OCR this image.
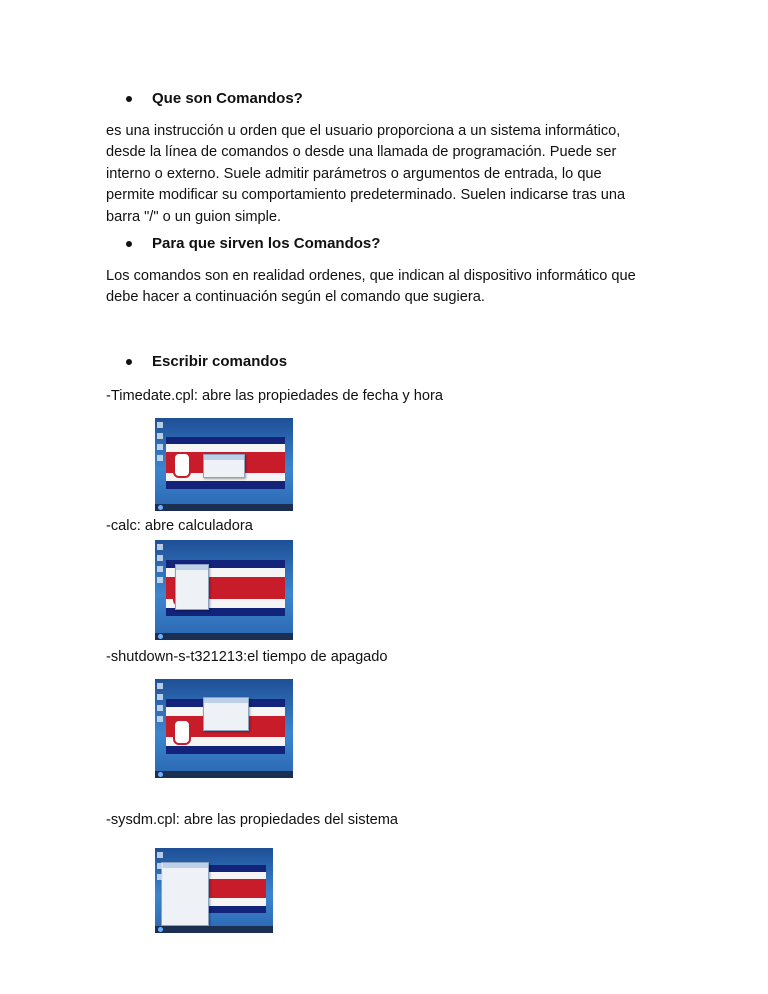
Que son Comandos?

es una instrucción u orden que el usuario proporciona a un sistema informático,

desde la línea de comandos o desde una llamada de programación. Puede ser

interno o externo. Suele admitir parámetros o argumentos de entrada, lo que

permite modificar su comportamiento predeterminado. Suelen indicarse tras una

barra "/" o un guion simple.

Para que sirven los Comandos?

Los comandos son en realidad ordenes, que indican al dispositivo informático que

debe hacer a continuación según el comando que sugiera.

Escribir comandos
-Timedate.cpl: abre las propiedades de fecha y hora
-calc: abre calculadora
-shutdown-s-t321213:el tiempo de apagado
-sysdm.cpl: abre las propiedades del sistema
